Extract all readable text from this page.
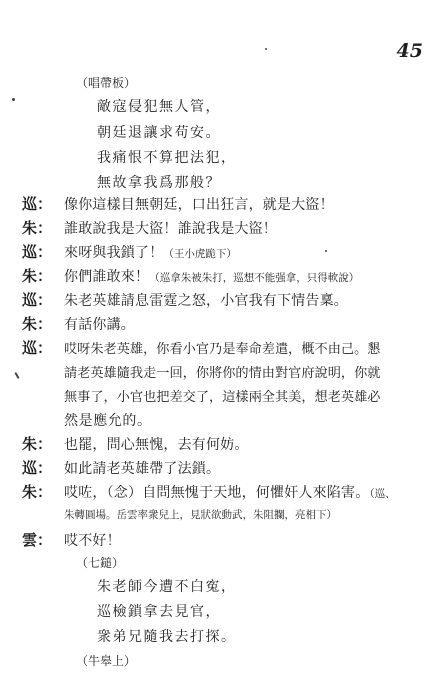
45
（唱帶板）
敵寇侵犯無人管，
朝廷退讓求苟安。
我痛恨不算把法犯，
無故拿我爲那般？
巡： 像你這樣目無朝廷，口出狂言，就是大盜！
朱： 誰敢說我是大盜！誰說我是大盜！
巡： 來呀與我鎖了！（王小虎跪下）
朱： 你們誰敢來！（巡拿朱被朱打，巡想不能强拿，只得軟說）
巡： 朱老英雄請息雷霆之怒，小官我有下情告稟。
朱： 有話你講。
巡： 哎呀朱老英雄，你看小官乃是奉命差遣，概不由己。懇
請老英雄隨我走一回，你將你的情由對官府說明，你就
無事了，小官也把差交了，這樣兩全其美，想老英雄必
然是應允的。
朱： 也罷，問心無愧，去有何妨。
巡： 如此請老英雄帶了法鎖。
朱： 哎咗，（念）自問無愧于天地，何懼奸人來陷害。（巡、
朱轉圓場。岳雲率衆兒上，見狀欲動武，朱阻攔，亮相下）
雲： 哎不好！
（七鎚）
朱老師今遭不白寃，
巡檢鎖拿去見官，
衆弟兄隨我去打探。
（牛皋上）
